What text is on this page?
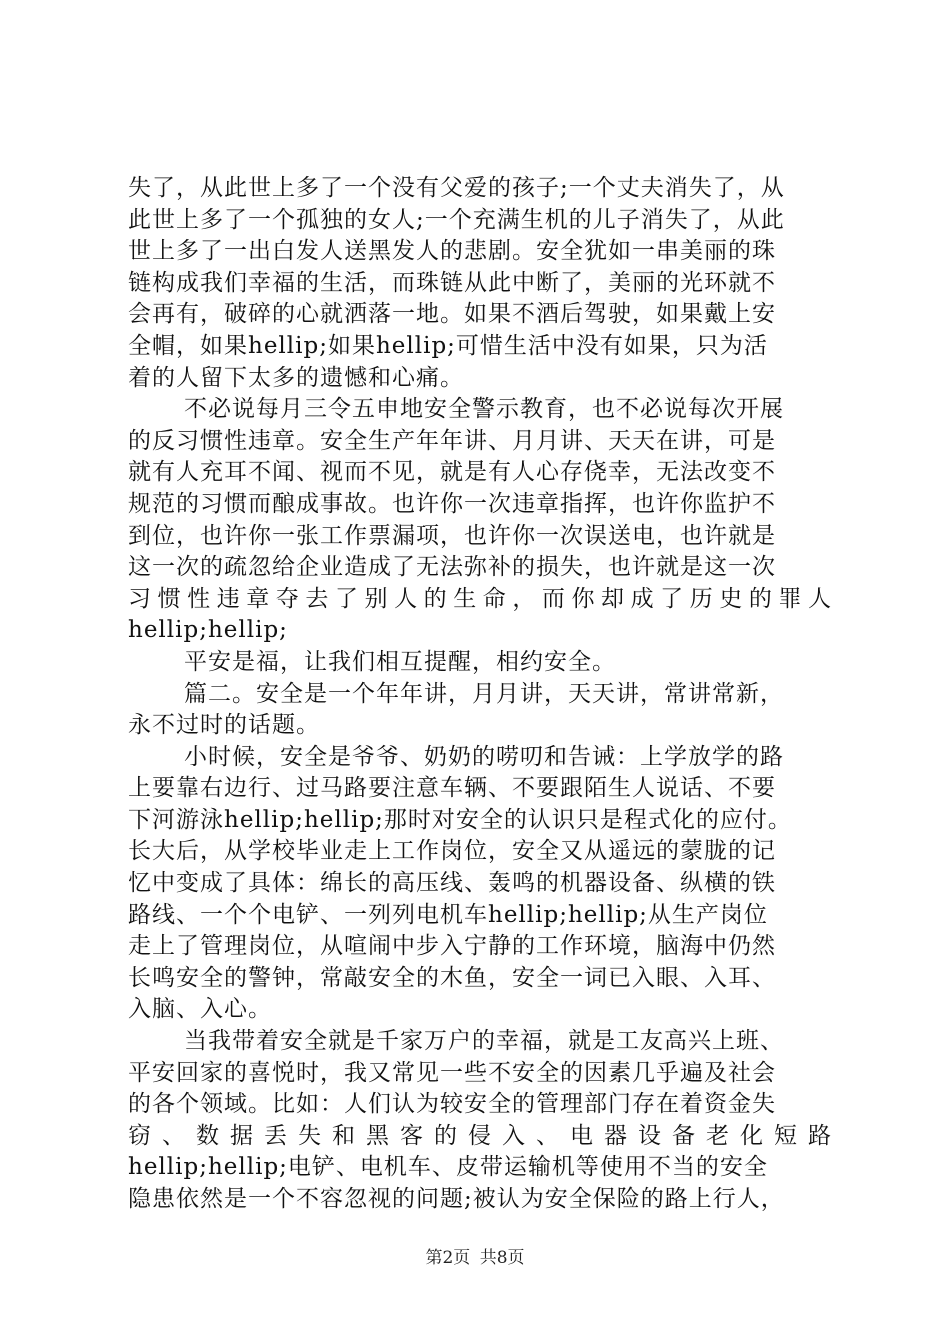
失了，从此世上多了一个没有父爱的孩子;一个丈夫消失了，从
此世上多了一个孤独的女人;一个充满生机的儿子消失了，从此
世上多了一出白发人送黑发人的悲剧。安全犹如一串美丽的珠
链构成我们幸福的生活，而珠链从此中断了，美丽的光环就不
会再有，破碎的心就洒落一地。如果不酒后驾驶，如果戴上安
全帽，如果hellip;如果hellip;可惜生活中没有如果，只为活
着的人留下太多的遗憾和心痛。
不必说每月三令五申地安全警示教育，也不必说每次开展
的反习惯性违章。安全生产年年讲、月月讲、天天在讲，可是
就有人充耳不闻、视而不见，就是有人心存侥幸，无法改变不
规范的习惯而酿成事故。也许你一次违章指挥，也许你监护不
到位，也许你一张工作票漏项，也许你一次误送电，也许就是
这一次的疏忽给企业造成了无法弥补的损失，也许就是这一次
习惯性违章夺去了别人的生命，而你却成了历史的罪人
hellip;hellip;
平安是福，让我们相互提醒，相约安全。
篇二。安全是一个年年讲，月月讲，天天讲，常讲常新，
永不过时的话题。
小时候，安全是爷爷、奶奶的唠叨和告诫：上学放学的路
上要靠右边行、过马路要注意车辆、不要跟陌生人说话、不要
下河游泳hellip;hellip;那时对安全的认识只是程式化的应付。
长大后，从学校毕业走上工作岗位，安全又从遥远的蒙胧的记
忆中变成了具体：绵长的高压线、轰鸣的机器设备、纵横的铁
路线、一个个电铲、一列列电机车hellip;hellip;从生产岗位
走上了管理岗位，从喧闹中步入宁静的工作环境，脑海中仍然
长鸣安全的警钟，常敲安全的木鱼，安全一词已入眼、入耳、
入脑、入心。
当我带着安全就是千家万户的幸福，就是工友高兴上班、
平安回家的喜悦时，我又常见一些不安全的因素几乎遍及社会
的各个领域。比如：人们认为较安全的管理部门存在着资金失
窃、数据丢失和黑客的侵入、电器设备老化短路
hellip;hellip;电铲、电机车、皮带运输机等使用不当的安全
隐患依然是一个不容忽视的问题;被认为安全保险的路上行人，
第2页 共8页
